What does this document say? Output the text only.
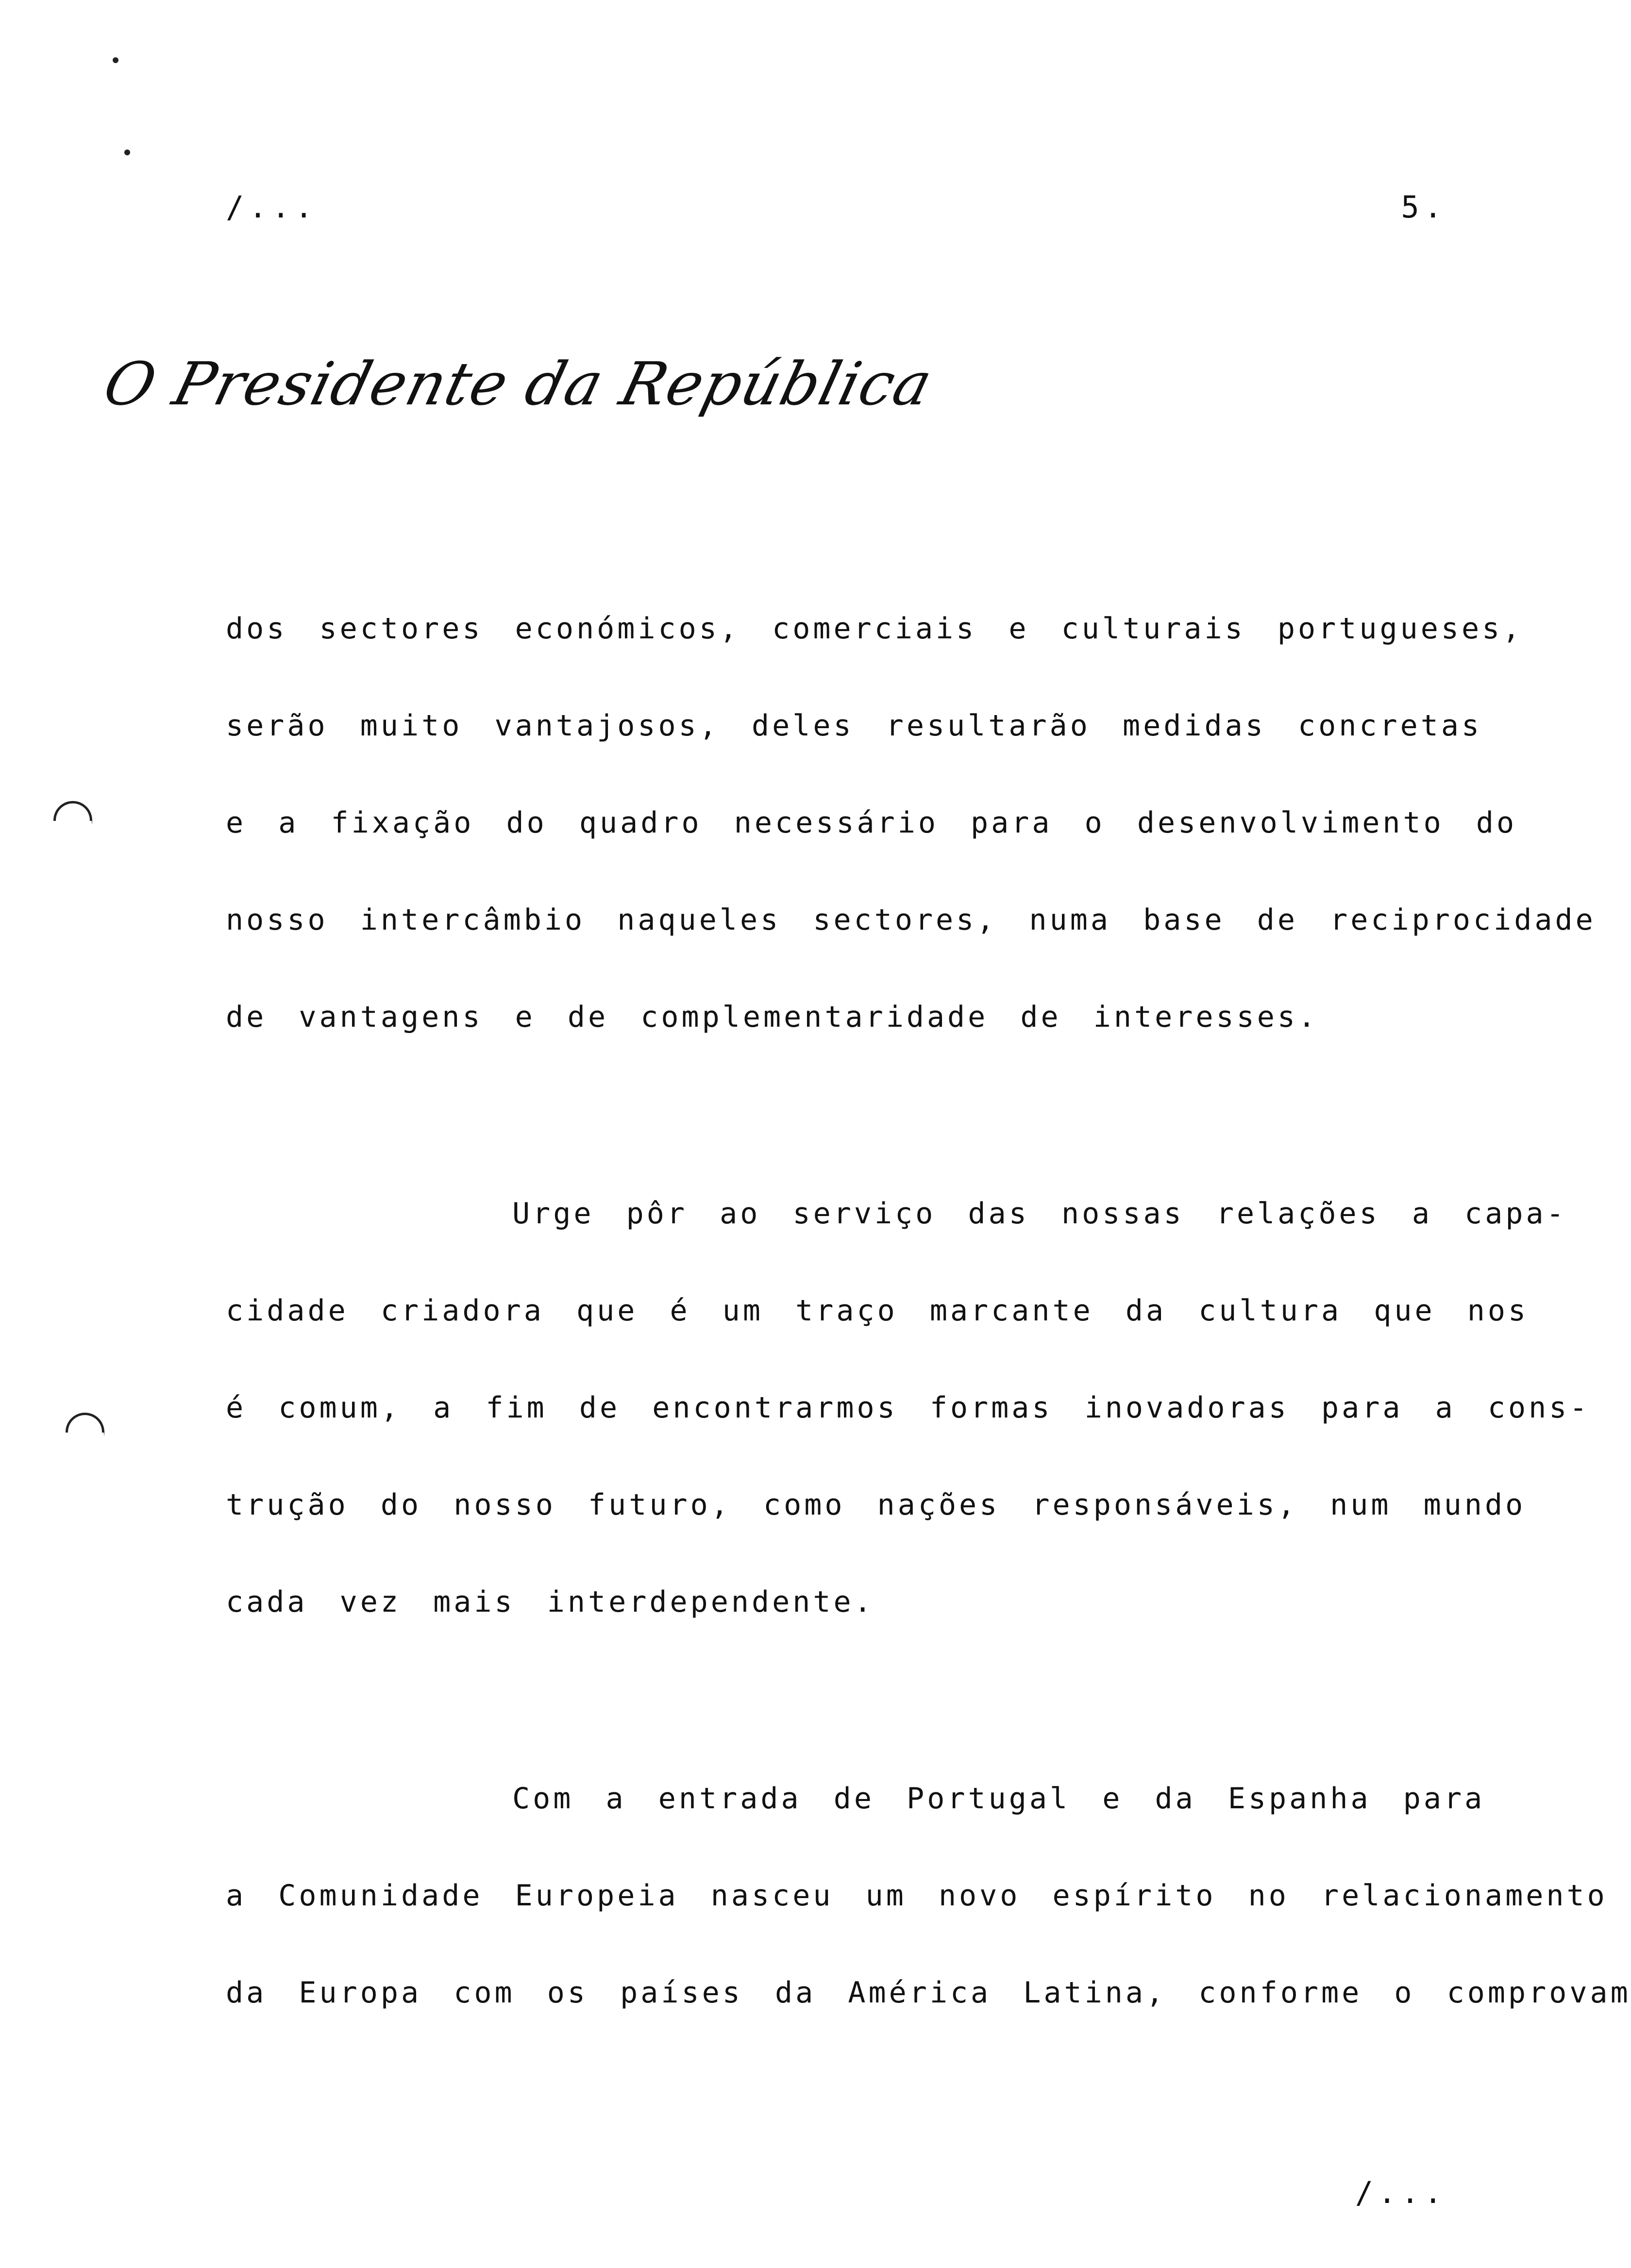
/...	5.
O Presidente da República
dos sectores económicos, comerciais e culturais portugueses,
serão muito vantajosos, deles resultarão medidas concretas
e a fixação do quadro necessário para o desenvolvimento do
nosso intercâmbio naqueles sectores, numa base de reciprocidade
de vantagens e de complementaridade de interesses.
Urge pôr ao serviço das nossas relações a capa-
cidade criadora que é um traço marcante da cultura que nos
é comum, a fim de encontrarmos formas inovadoras para a cons-
trução do nosso futuro, como nações responsáveis, num mundo
cada vez mais interdependente.
Com a entrada de Portugal e da Espanha para
a Comunidade Europeia nasceu um novo espírito no relacionamento
da Europa com os países da América Latina, conforme o comprovam
/...
